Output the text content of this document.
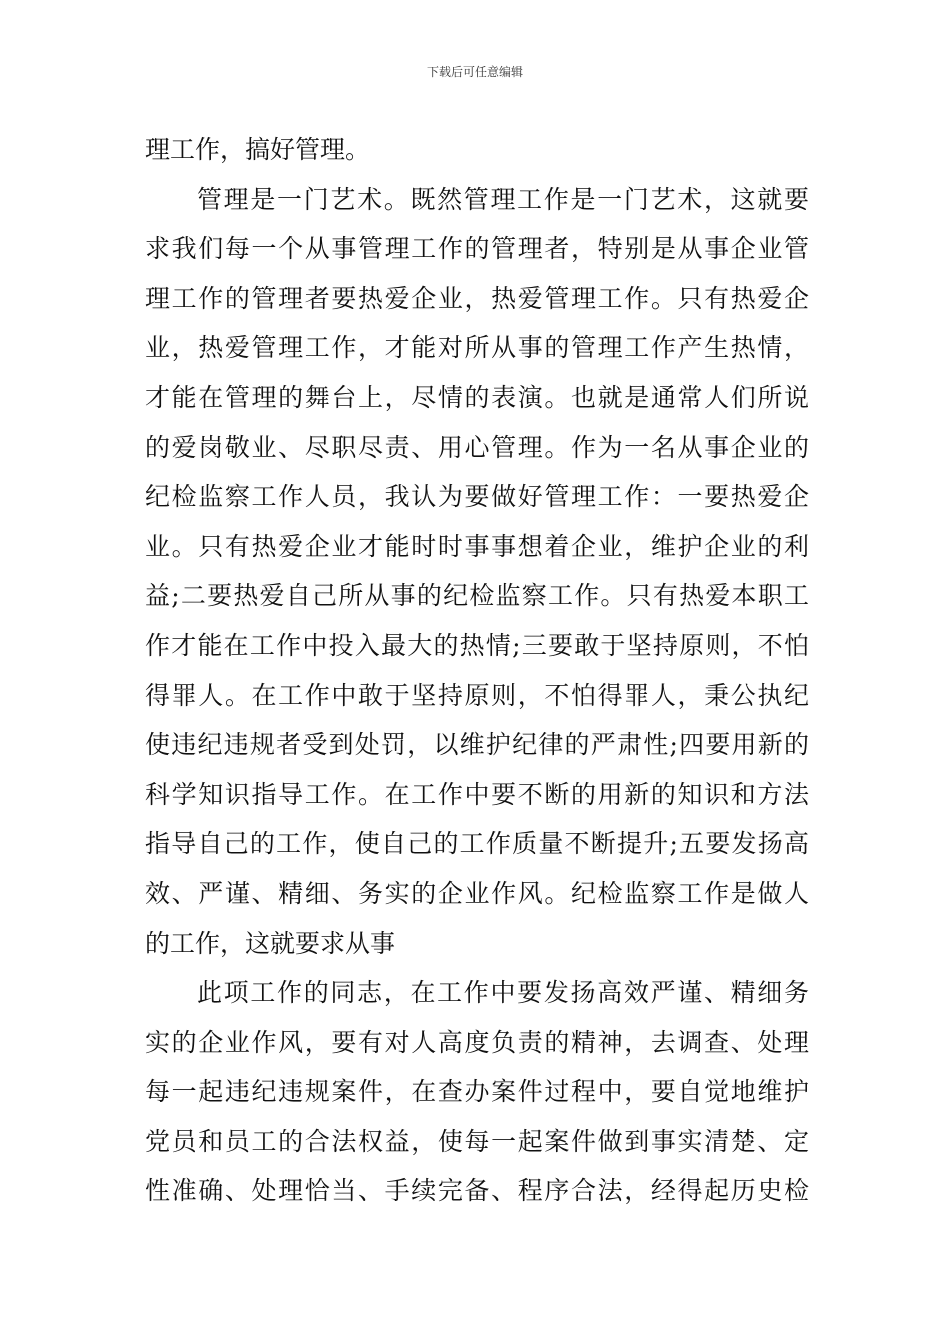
下载后可任意编辑
理工作，搞好管理。
管理是一门艺术。既然管理工作是一门艺术，这就要
求我们每一个从事管理工作的管理者，特别是从事企业管
理工作的管理者要热爱企业，热爱管理工作。只有热爱企
业，热爱管理工作，才能对所从事的管理工作产生热情，
才能在管理的舞台上，尽情的表演。也就是通常人们所说
的爱岗敬业、尽职尽责、用心管理。作为一名从事企业的
纪检监察工作人员，我认为要做好管理工作：一要热爱企
业。只有热爱企业才能时时事事想着企业，维护企业的利
益;二要热爱自己所从事的纪检监察工作。只有热爱本职工
作才能在工作中投入最大的热情;三要敢于坚持原则，不怕
得罪人。在工作中敢于坚持原则，不怕得罪人，秉公执纪
使违纪违规者受到处罚，以维护纪律的严肃性;四要用新的
科学知识指导工作。在工作中要不断的用新的知识和方法
指导自己的工作，使自己的工作质量不断提升;五要发扬高
效、严谨、精细、务实的企业作风。纪检监察工作是做人
的工作，这就要求从事
此项工作的同志，在工作中要发扬高效严谨、精细务
实的企业作风，要有对人高度负责的精神，去调查、处理
每一起违纪违规案件，在查办案件过程中，要自觉地维护
党员和员工的合法权益，使每一起案件做到事实清楚、定
性准确、处理恰当、手续完备、程序合法，经得起历史检
